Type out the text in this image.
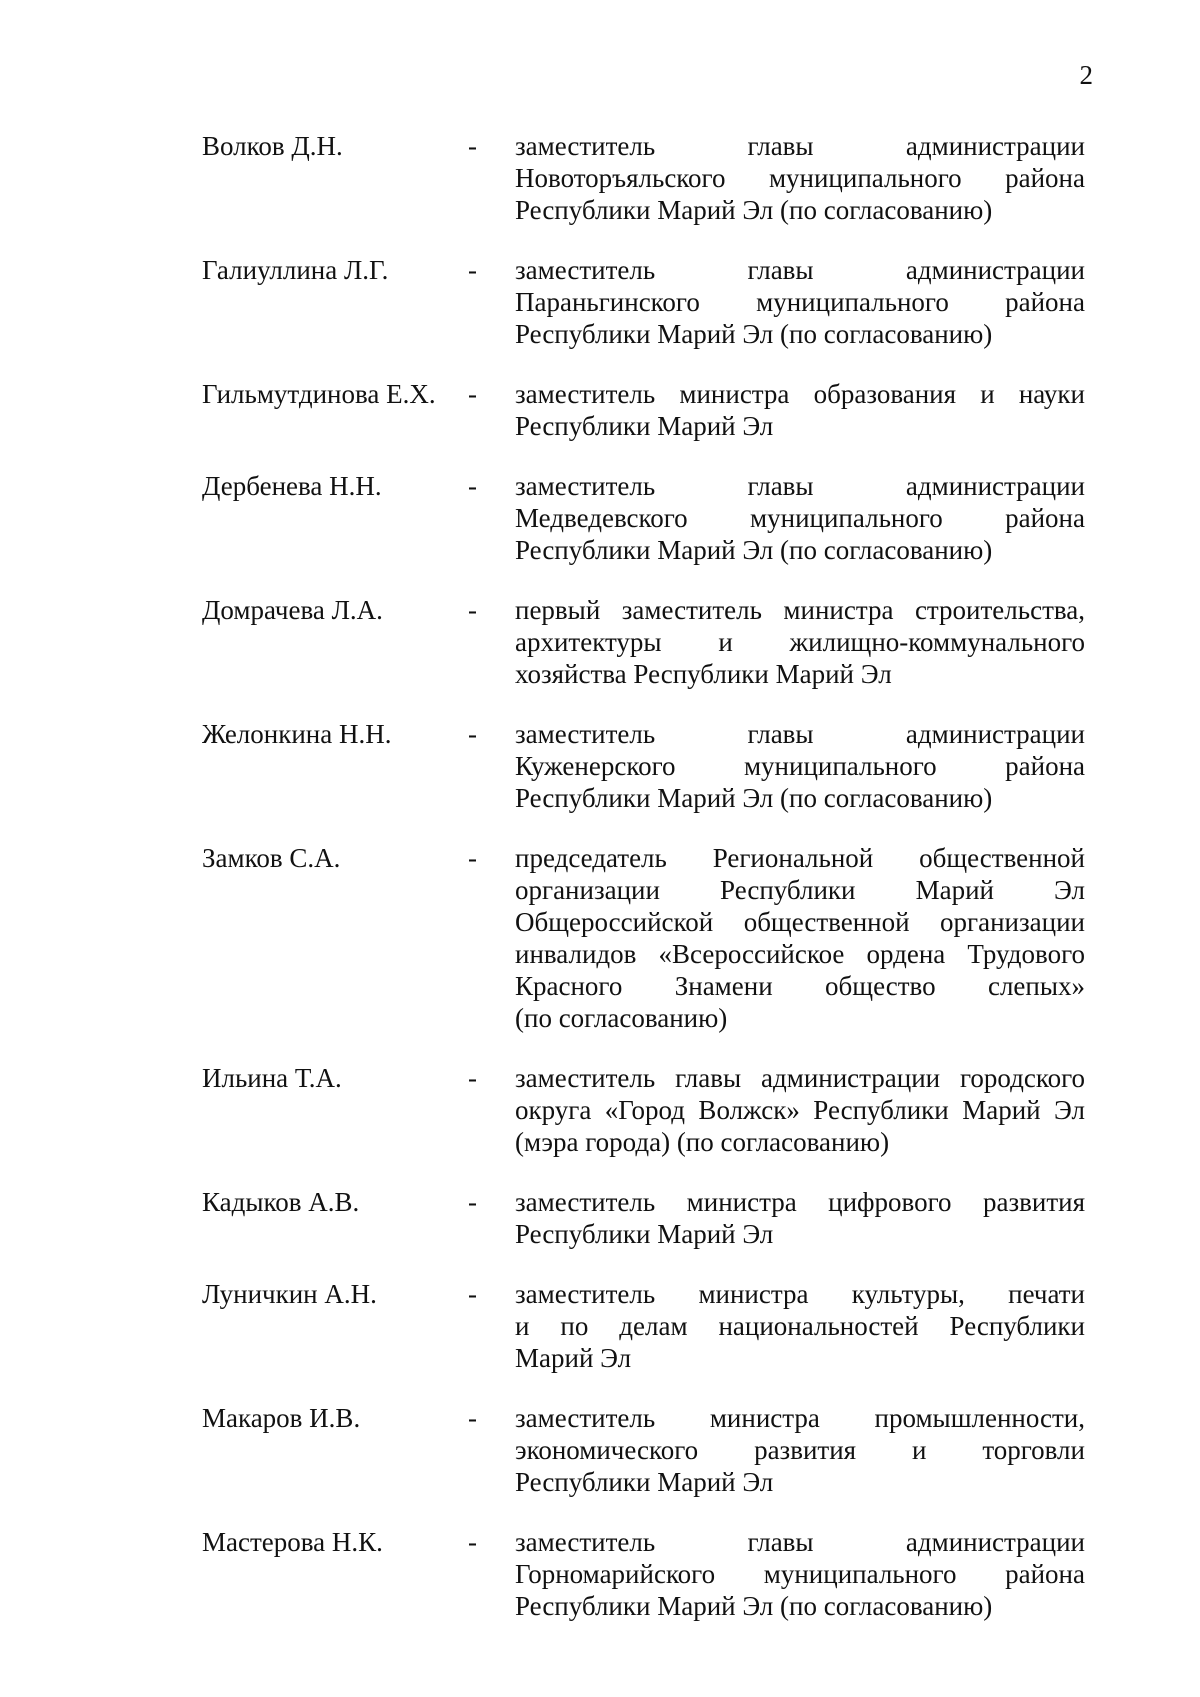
2
Волков Д.Н.	-	заместитель главы администрации
Новоторъяльского муниципального района
Республики Марий Эл (по согласованию)
Галиуллина Л.Г.	-	заместитель главы администрации
Параньгинского муниципального района
Республики Марий Эл (по согласованию)
Гильмутдинова Е.Х.	-	заместитель министра образования и науки
Республики Марий Эл
Дербенева Н.Н.	-	заместитель главы администрации
Медведевского муниципального района
Республики Марий Эл (по согласованию)
Домрачева Л.А.	-	первый заместитель министра строительства,
архитектуры и жилищно-коммунального
хозяйства Республики Марий Эл
Желонкина Н.Н.	-	заместитель главы администрации
Куженерского муниципального района
Республики Марий Эл (по согласованию)
Замков С.А.	-	председатель Региональной общественной
организации Республики Марий Эл
Общероссийской общественной организации
инвалидов «Всероссийское ордена Трудового
Красного Знамени общество слепых»
(по согласованию)
Ильина Т.А.	-	заместитель главы администрации городского
округа «Город Волжск» Республики Марий Эл
(мэра города) (по согласованию)
Кадыков А.В.	-	заместитель министра цифрового развития
Республики Марий Эл
Луничкин А.Н.	-	заместитель министра культуры, печати
и по делам национальностей Республики
Марий Эл
Макаров И.В.	-	заместитель министра промышленности,
экономического развития и торговли
Республики Марий Эл
Мастерова Н.К.	-	заместитель главы администрации
Горномарийского муниципального района
Республики Марий Эл (по согласованию)
